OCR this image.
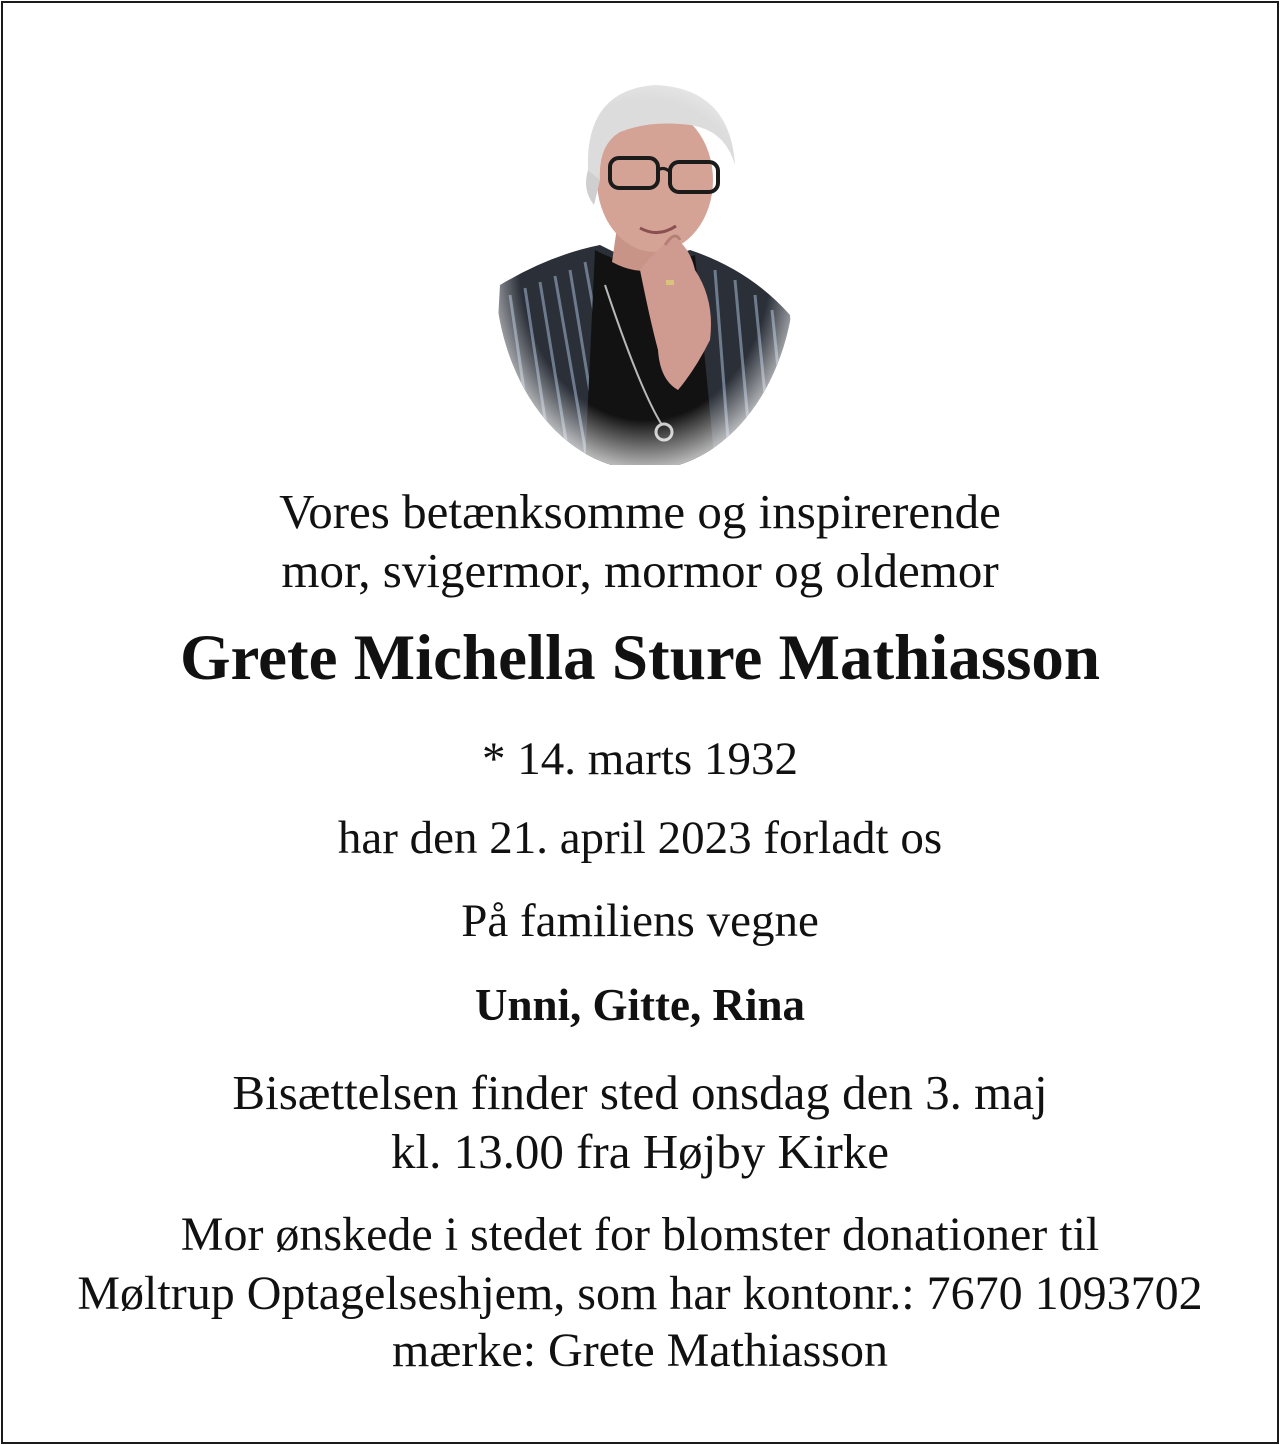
Vores betænksomme og inspirerende
mor, svigermor, mormor og oldemor
Grete Michella Sture Mathiasson
* 14. marts 1932
har den 21. april 2023 forladt os
På familiens vegne
Unni, Gitte, Rina
Bisættelsen finder sted onsdag den 3. maj
kl. 13.00 fra Højby Kirke
Mor ønskede i stedet for blomster donationer til
Møltrup Optagelseshjem, som har kontonr.: 7670 1093702
mærke: Grete Mathiasson
